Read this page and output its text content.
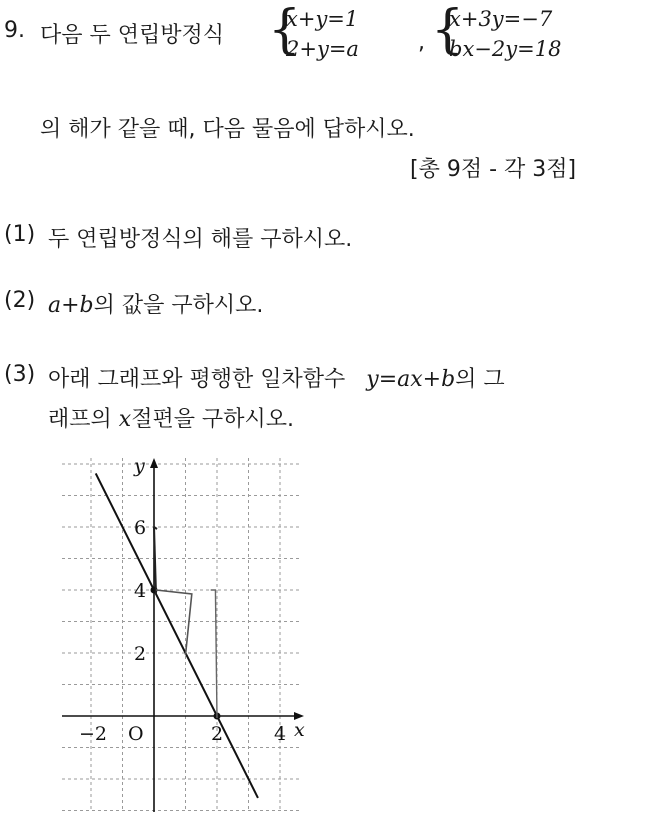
9. 다음 두 연립방정식 {
x+y=1
2+y=a	, {
x+3y=−7
bx−2y=18
의 해가 같을 때, 다음 물음에 답하시오.
[총 9점 - 각 3점]
(1) 두 연립방정식의 해를 구하시오.
(2) a+b의 값을 구하시오.
(3) 아래 그래프와 평행한 일차함수 y=ax+b의 그
래프의 x절편을 구하시오.
x
y
O
−2	2	4
2
4
6
